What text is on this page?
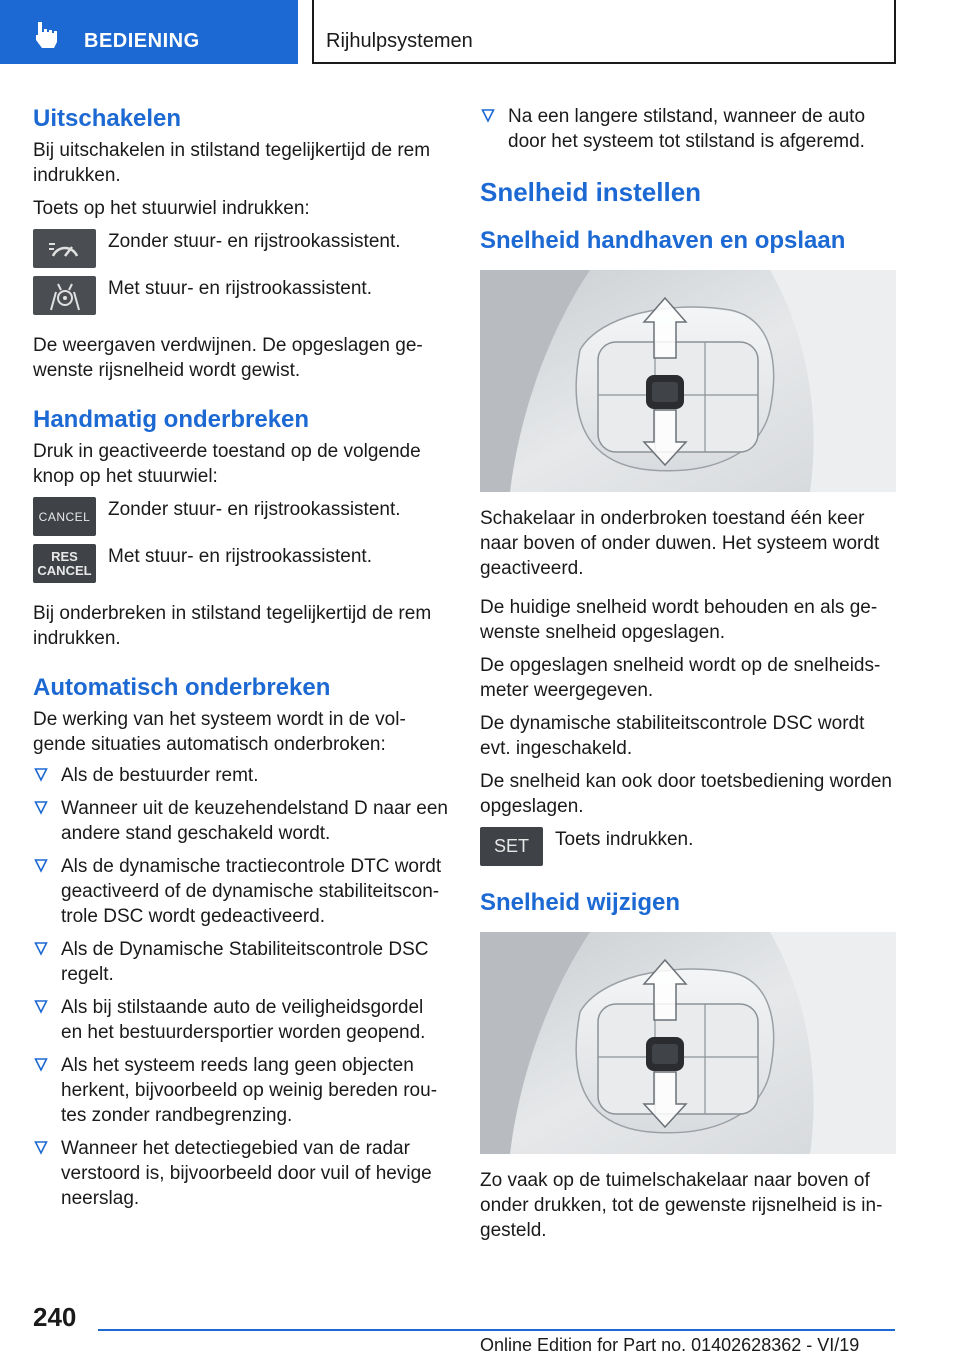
BEDIENING	Rijhulpsystemen
Uitschakelen

Bij uitschakelen in stilstand tegelijkertijd de rem indrukken.

Toets op het stuurwiel indrukken:

Zonder stuur- en rijstrookassistent.

Met stuur- en rijstrookassistent.

De weergaven verdwijnen. De opgeslagen ge-wenste rijsnelheid wordt gewist.

Handmatig onderbreken

Druk in geactiveerde toestand op de volgende knop op het stuurwiel:

CANCEL Zonder stuur- en rijstrookassistent.

RES
CANCEL

Met stuur- en rijstrookassistent.

Bij onderbreken in stilstand tegelijkertijd de rem indrukken.

Automatisch onderbreken

De werking van het systeem wordt in de vol-gende situaties automatisch onderbroken:

Als de bestuurder remt.
Wanneer uit de keuzehendelstand D naar een andere stand geschakeld wordt.
Als de dynamische tractiecontrole DTC wordt geactiveerd of de dynamische stabiliteitscon-trole DSC wordt gedeactiveerd.
Als de Dynamische Stabiliteitscontrole DSC regelt.
Als bij stilstaande auto de veiligheidsgordel en het bestuurdersportier worden geopend.
Als het systeem reeds lang geen objecten herkent, bijvoorbeeld op weinig bereden rou-tes zonder randbegrenzing.
Wanneer het detectiegebied van de radar verstoord is, bijvoorbeeld door vuil of hevige neerslag.
Na een langere stilstand, wanneer de auto door het systeem tot stilstand is afgeremd.
Snelheid instellen
Snelheid handhaven en opslaan

Schakelaar in onderbroken toestand één keer naar boven of onder duwen. Het systeem wordt geactiveerd.

De huidige snelheid wordt behouden en als ge-wenste snelheid opgeslagen.

De opgeslagen snelheid wordt op de snelheids-meter weergegeven.

De dynamische stabiliteitscontrole DSC wordt evt. ingeschakeld.

De snelheid kan ook door toetsbediening worden opgeslagen.

SET Toets indrukken.

Snelheid wijzigen

Zo vaak op de tuimelschakelaar naar boven of onder drukken, tot de gewenste rijsnelheid is in-gesteld.

240
Online Edition for Part no. 01402628362 - VI/19
